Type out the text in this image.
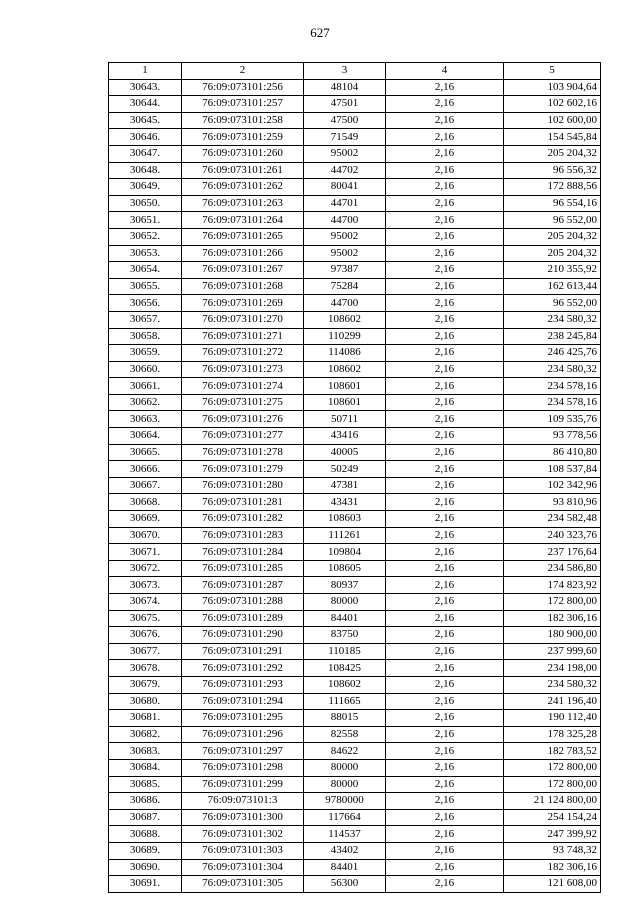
627
1	2	3	4	5
30643.	76:09:073101:256	48104	2,16	103 904,64
30644.	76:09:073101:257	47501	2,16	102 602,16
30645.	76:09:073101:258	47500	2,16	102 600,00
30646.	76:09:073101:259	71549	2,16	154 545,84
30647.	76:09:073101:260	95002	2,16	205 204,32
30648.	76:09:073101:261	44702	2,16	96 556,32
30649.	76:09:073101:262	80041	2,16	172 888,56
30650.	76:09:073101:263	44701	2,16	96 554,16
30651.	76:09:073101:264	44700	2,16	96 552,00
30652.	76:09:073101:265	95002	2,16	205 204,32
30653.	76:09:073101:266	95002	2,16	205 204,32
30654.	76:09:073101:267	97387	2,16	210 355,92
30655.	76:09:073101:268	75284	2,16	162 613,44
30656.	76:09:073101:269	44700	2,16	96 552,00
30657.	76:09:073101:270	108602	2,16	234 580,32
30658.	76:09:073101:271	110299	2,16	238 245,84
30659.	76:09:073101:272	114086	2,16	246 425,76
30660.	76:09:073101:273	108602	2,16	234 580,32
30661.	76:09:073101:274	108601	2,16	234 578,16
30662.	76:09:073101:275	108601	2,16	234 578,16
30663.	76:09:073101:276	50711	2,16	109 535,76
30664.	76:09:073101:277	43416	2,16	93 778,56
30665.	76:09:073101:278	40005	2,16	86 410,80
30666.	76:09:073101:279	50249	2,16	108 537,84
30667.	76:09:073101:280	47381	2,16	102 342,96
30668.	76:09:073101:281	43431	2,16	93 810,96
30669.	76:09:073101:282	108603	2,16	234 582,48
30670.	76:09:073101:283	111261	2,16	240 323,76
30671.	76:09:073101:284	109804	2,16	237 176,64
30672.	76:09:073101:285	108605	2,16	234 586,80
30673.	76:09:073101:287	80937	2,16	174 823,92
30674.	76:09:073101:288	80000	2,16	172 800,00
30675.	76:09:073101:289	84401	2,16	182 306,16
30676.	76:09:073101:290	83750	2,16	180 900,00
30677.	76:09:073101:291	110185	2,16	237 999,60
30678.	76:09:073101:292	108425	2,16	234 198,00
30679.	76:09:073101:293	108602	2,16	234 580,32
30680.	76:09:073101:294	111665	2,16	241 196,40
30681.	76:09:073101:295	88015	2,16	190 112,40
30682.	76:09:073101:296	82558	2,16	178 325,28
30683.	76:09:073101:297	84622	2,16	182 783,52
30684.	76:09:073101:298	80000	2,16	172 800,00
30685.	76:09:073101:299	80000	2,16	172 800,00
30686.	76:09:073101:3	9780000	2,16	21 124 800,00
30687.	76:09:073101:300	117664	2,16	254 154,24
30688.	76:09:073101:302	114537	2,16	247 399,92
30689.	76:09:073101:303	43402	2,16	93 748,32
30690.	76:09:073101:304	84401	2,16	182 306,16
30691.	76:09:073101:305	56300	2,16	121 608,00
